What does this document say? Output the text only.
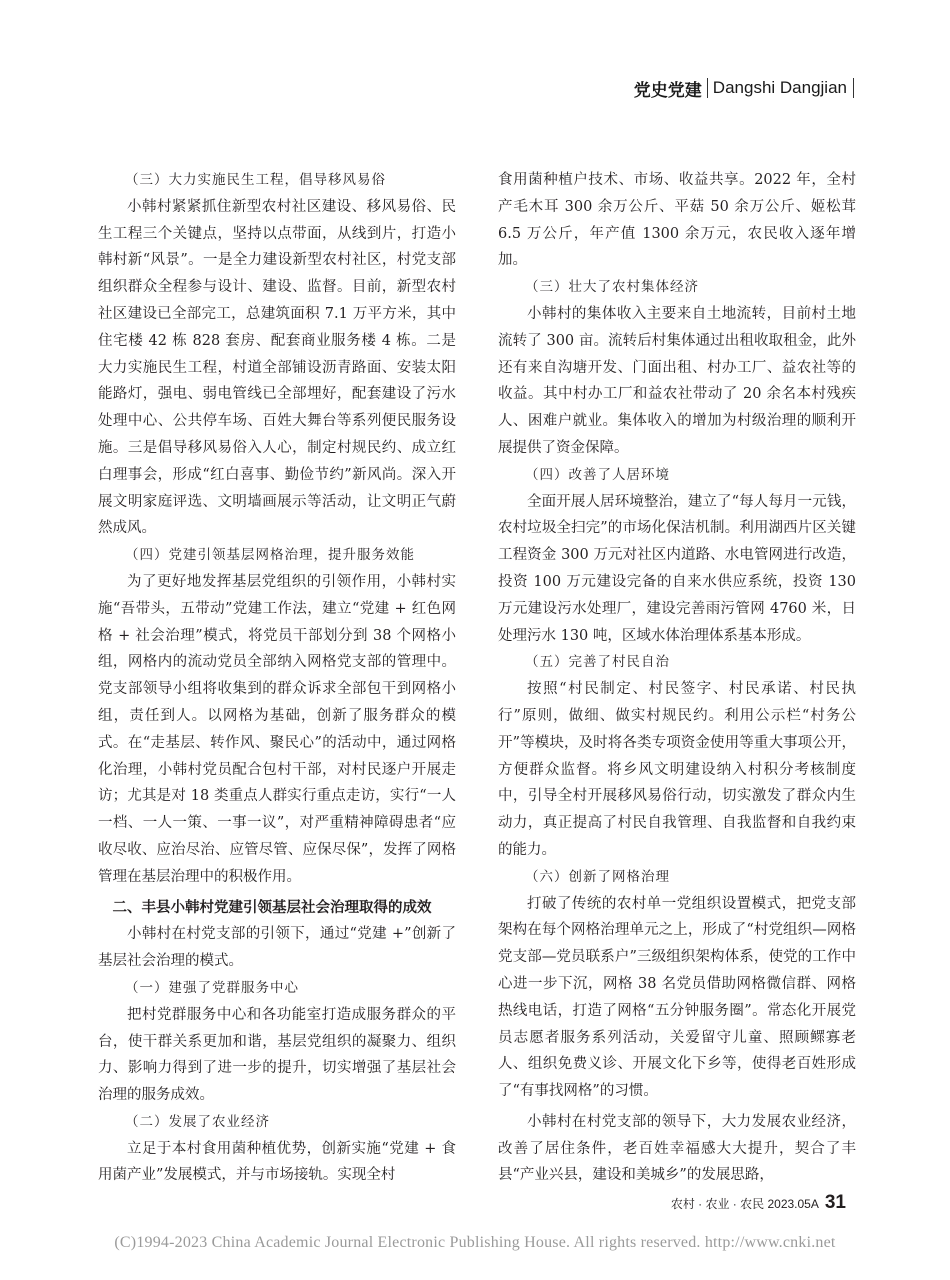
党史党建 Dangshi Dangjian

（三）大力实施民生工程，倡导移风易俗

小韩村紧紧抓住新型农村社区建设、移风易俗、民生工程三个关键点，坚持以点带面，从线到片，打造小韩村新“风景”。一是全力建设新型农村社区，村党支部组织群众全程参与设计、建设、监督。目前，新型农村社区建设已全部完工，总建筑面积 7.1 万平方米，其中住宅楼 42 栋 828 套房、配套商业服务楼 4 栋。二是大力实施民生工程，村道全部铺设沥青路面、安装太阳能路灯，强电、弱电管线已全部埋好，配套建设了污水处理中心、公共停车场、百姓大舞台等系列便民服务设施。三是倡导移风易俗入人心，制定村规民约、成立红白理事会，形成“红白喜事、勤俭节约”新风尚。深入开展文明家庭评选、文明墙画展示等活动，让文明正气蔚然成风。

（四）党建引领基层网格治理，提升服务效能

为了更好地发挥基层党组织的引领作用，小韩村实施“吾带头，五带动”党建工作法，建立“党建 + 红色网格 + 社会治理”模式，将党员干部划分到 38 个网格小组，网格内的流动党员全部纳入网格党支部的管理中。党支部领导小组将收集到的群众诉求全部包干到网格小组，责任到人。以网格为基础，创新了服务群众的模式。在“走基层、转作风、聚民心”的活动中，通过网格化治理，小韩村党员配合包村干部，对村民逐户开展走访；尤其是对 18 类重点人群实行重点走访，实行“一人一档、一人一策、一事一议”，对严重精神障碍患者“应收尽收、应治尽治、应管尽管、应保尽保”，发挥了网格管理在基层治理中的积极作用。

二、丰县小韩村党建引领基层社会治理取得的成效

小韩村在村党支部的引领下，通过“党建 +”创新了基层社会治理的模式。

（一）建强了党群服务中心

把村党群服务中心和各功能室打造成服务群众的平台，使干群关系更加和谐，基层党组织的凝聚力、组织力、影响力得到了进一步的提升，切实增强了基层社会治理的服务成效。

（二）发展了农业经济

立足于本村食用菌种植优势，创新实施“党建 + 食用菌产业”发展模式，并与市场接轨。实现全村

食用菌种植户技术、市场、收益共享。2022 年，全村产毛木耳 300 余万公斤、平菇 50 余万公斤、姬松茸 6.5 万公斤，年产值 1300 余万元，农民收入逐年增加。

（三）壮大了农村集体经济

小韩村的集体收入主要来自土地流转，目前村土地流转了 300 亩。流转后村集体通过出租收取租金，此外还有来自沟塘开发、门面出租、村办工厂、益农社等的收益。其中村办工厂和益农社带动了 20 余名本村残疾人、困难户就业。集体收入的增加为村级治理的顺利开展提供了资金保障。

（四）改善了人居环境

全面开展人居环境整治，建立了“每人每月一元钱，农村垃圾全扫完”的市场化保洁机制。利用湖西片区关键工程资金 300 万元对社区内道路、水电管网进行改造，投资 100 万元建设完备的自来水供应系统，投资 130 万元建设污水处理厂，建设完善雨污管网 4760 米，日处理污水 130 吨，区域水体治理体系基本形成。

（五）完善了村民自治

按照“村民制定、村民签字、村民承诺、村民执行”原则，做细、做实村规民约。利用公示栏“村务公开”等模块，及时将各类专项资金使用等重大事项公开，方便群众监督。将乡风文明建设纳入村积分考核制度中，引导全村开展移风易俗行动，切实激发了群众内生动力，真正提高了村民自我管理、自我监督和自我约束的能力。

（六）创新了网格治理

打破了传统的农村单一党组织设置模式，把党支部架构在每个网格治理单元之上，形成了“村党组织—网格党支部—党员联系户”三级组织架构体系，使党的工作中心进一步下沉，网格 38 名党员借助网格微信群、网格热线电话，打造了网格“五分钟服务圈”。常态化开展党员志愿者服务系列活动，关爱留守儿童、照顾鳏寡老人、组织免费义诊、开展文化下乡等，使得老百姓形成了“有事找网格”的习惯。

小韩村在村党支部的领导下，大力发展农业经济，改善了居住条件，老百姓幸福感大大提升，契合了丰县“产业兴县，建设和美城乡”的发展思路，

农村 · 农业 · 农民 2023.05A 31
(C)1994-2023 China Academic Journal Electronic Publishing House. All rights reserved. http://www.cnki.net
